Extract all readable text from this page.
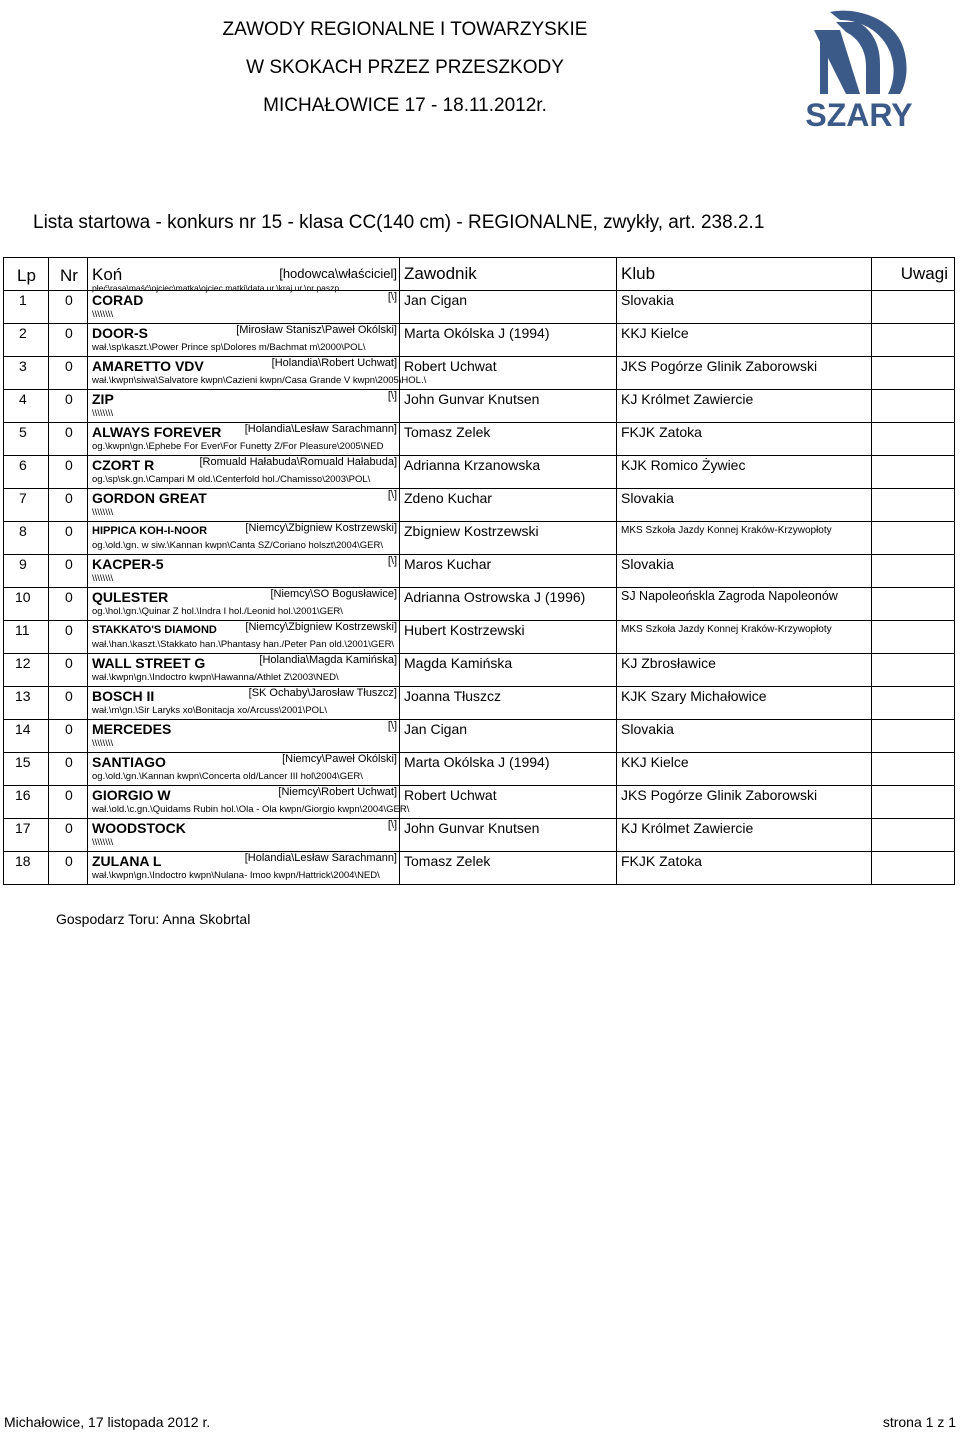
ZAWODY REGIONALNE I TOWARZYSKIE
W SKOKACH PRZEZ PRZESZKODY
MICHAŁOWICE 17 - 18.11.2012r.	SZARY
Lista startowa - konkurs nr 15 - klasa CC(140 cm) - REGIONALNE, zwykły, art. 238.2.1
Lp	Nr	Koń [hodowca\właściciel]
płeć\rasa\maść\ojciec\matka\ojciec matki\data ur.\kraj ur.\nr paszp.	Zawodnik	Klub	Uwagi

1	0	CORAD [\]
\\\\\\\\	Jan Cigan	Slovakia	

2	0	DOOR-S [Mirosław Stanisz\Paweł Okólski]
wał.\sp\kaszt.\Power Prince sp\Dolores m/Bachmat m\2000\POL\	Marta Okólska J (1994)	KKJ Kielce	

3	0	AMARETTO VDV [Holandia\Robert Uchwat]
wał.\kwpn\siwa\Salvatore kwpn\Cazieni kwpn/Casa Grande V kwpn\2005\HOL.\	Robert Uchwat	JKS Pogórze Glinik Zaborowski	

4	0	ZIP [\]
\\\\\\\\	John Gunvar Knutsen	KJ Królmet Zawiercie	

5	0	ALWAYS FOREVER [Holandia\Lesław Sarachmann]
og.\kwpn\gn.\Ephebe For Ever\For Funetty Z/For Pleasure\2005\NED	Tomasz Zelek	FKJK Zatoka	

6	0	CZORT R [Romuald Hałabuda\Romuald Hałabuda]
og.\sp\sk.gn.\Campari M old.\Centerfold hol./Chamisso\2003\POL\	Adrianna Krzanowska	KJK Romico Żywiec	

7	0	GORDON GREAT [\]
\\\\\\\\	Zdeno Kuchar	Slovakia	

8	0	HIPPICA KOH-I-NOOR [Niemcy\Zbigniew Kostrzewski]
og.\old.\gn. w siw.\Kannan kwpn\Canta SZ/Coriano holszt\2004\GER\	Zbigniew Kostrzewski	MKS Szkoła Jazdy Konnej Kraków-Krzywopłoty	

9	0	KACPER-5 [\]
\\\\\\\\	Maros Kuchar	Slovakia	

10	0	QULESTER [Niemcy\SO Bogusławice]
og.\hol.\gn.\Quinar Z hol.\Indra I hol./Leonid hol.\2001\GER\	Adrianna Ostrowska J (1996)	SJ Napoleońskla Zagroda Napoleonów	

11	0	STAKKATO'S DIAMOND [Niemcy\Zbigniew Kostrzewski]
wał.\han.\kaszt.\Stakkato han.\Phantasy han./Peter Pan old.\2001\GER\	Hubert Kostrzewski	MKS Szkoła Jazdy Konnej Kraków-Krzywopłoty	

12	0	WALL STREET G [Holandia\Magda Kamińska]
wał.\kwpn\gn.\Indoctro kwpn\Hawanna/Athlet Z\2003\NED\	Magda Kamińska	KJ Zbrosławice	

13	0	BOSCH II [SK Ochaby\Jarosław Tłuszcz]
wał.\m\gn.\Sir Laryks xo\Bonitacja xo/Arcuss\2001\POL\	Joanna Tłuszcz	KJK Szary Michałowice	

14	0	MERCEDES [\]
\\\\\\\\	Jan Cigan	Slovakia	

15	0	SANTIAGO [Niemcy\Paweł Okólski]
og.\old.\gn.\Kannan kwpn\Concerta old/Lancer III hol\2004\GER\	Marta Okólska J (1994)	KKJ Kielce	

16	0	GIORGIO W [Niemcy\Robert Uchwat]
wał.\old.\c.gn.\Quidams Rubin hol.\Ola - Ola kwpn/Giorgio kwpn\2004\GER\	Robert Uchwat	JKS Pogórze Glinik Zaborowski	

17	0	WOODSTOCK [\]
\\\\\\\\	John Gunvar Knutsen	KJ Królmet Zawiercie	

18	0	ZULANA L [Holandia\Lesław Sarachmann]
wał.\kwpn\gn.\Indoctro kwpn\Nulana- Imoo kwpn/Hattrick\2004\NED\	Tomasz Zelek	FKJK Zatoka	

Gospodarz Toru: Anna Skobrtal
Michałowice, 17 listopada 2012 r.	strona 1 z 1
